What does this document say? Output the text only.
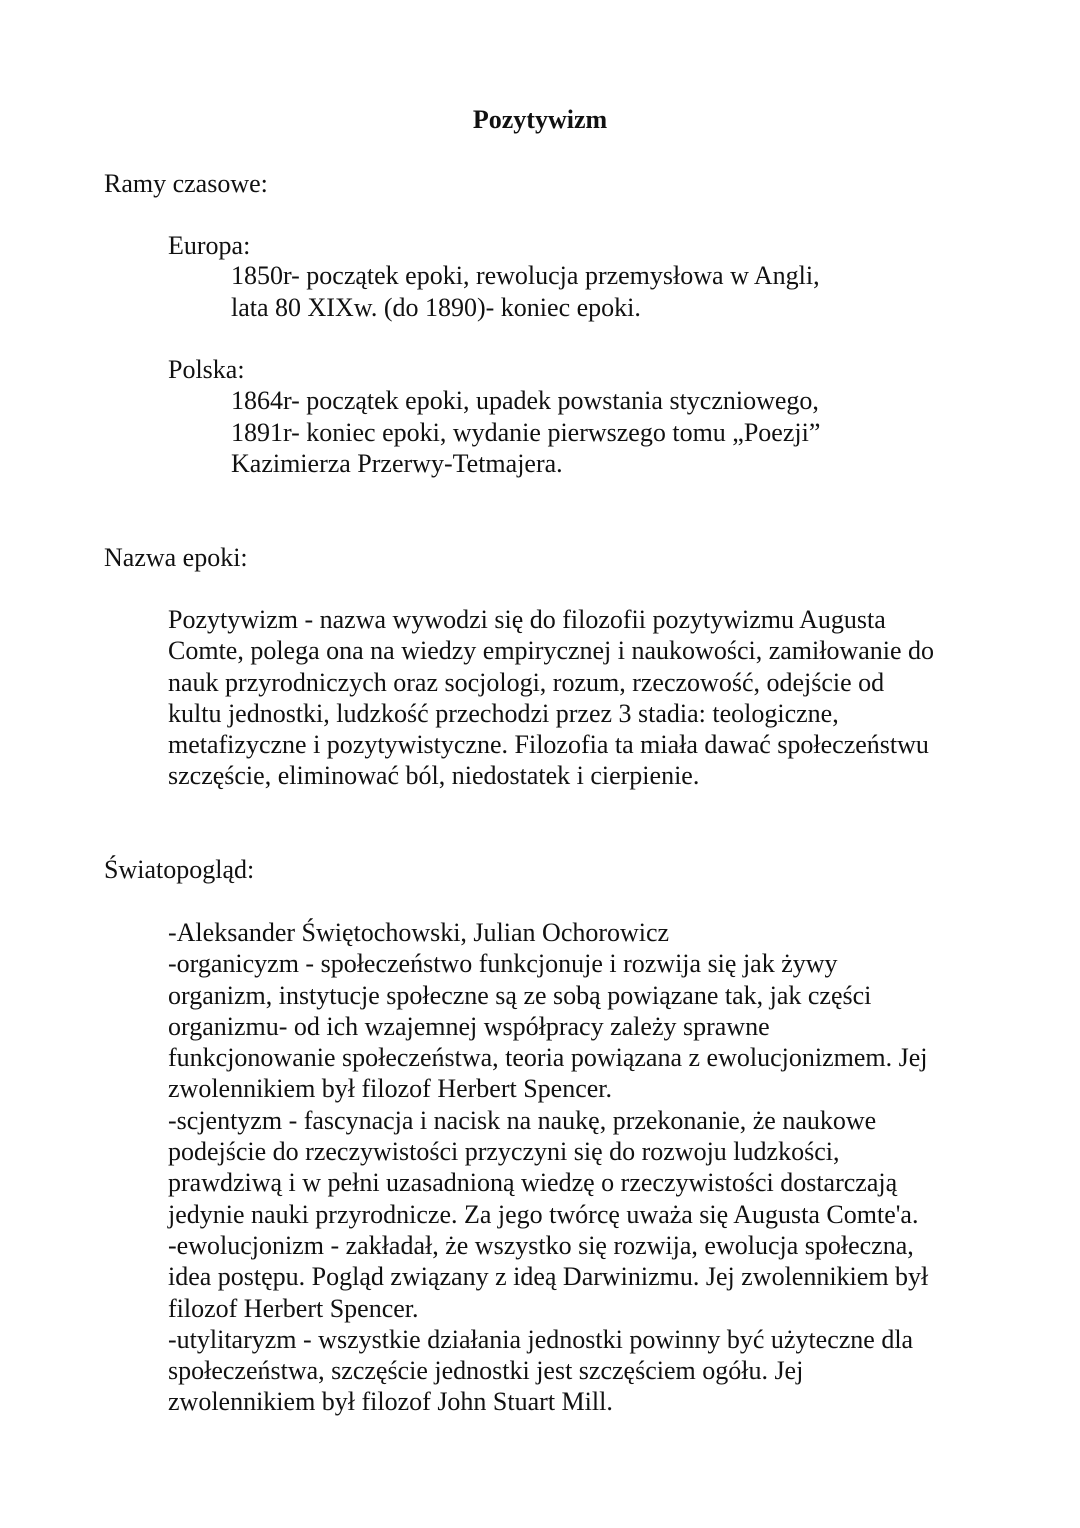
Pozytywizm
Ramy czasowe:
Europa:
1850r- początek epoki, rewolucja przemysłowa w Angli,
lata 80 XIXw. (do 1890)- koniec epoki.
Polska:
1864r- początek epoki, upadek powstania styczniowego,
1891r- koniec epoki, wydanie pierwszego tomu „Poezji”
Kazimierza Przerwy-Tetmajera.
Nazwa epoki:
Pozytywizm - nazwa wywodzi się do filozofii pozytywizmu Augusta
Comte, polega ona na wiedzy empirycznej i naukowości, zamiłowanie do
nauk przyrodniczych oraz socjologi, rozum, rzeczowość, odejście od
kultu jednostki, ludzkość przechodzi przez 3 stadia: teologiczne,
metafizyczne i pozytywistyczne. Filozofia ta miała dawać społeczeństwu
szczęście, eliminować ból, niedostatek i cierpienie.
Światopogląd:
-Aleksander Świętochowski, Julian Ochorowicz
-organicyzm - społeczeństwo funkcjonuje i rozwija się jak żywy
organizm, instytucje społeczne są ze sobą powiązane tak, jak części
organizmu- od ich wzajemnej współpracy zależy sprawne
funkcjonowanie społeczeństwa, teoria powiązana z ewolucjonizmem. Jej
zwolennikiem był filozof Herbert Spencer.
-scjentyzm - fascynacja i nacisk na naukę, przekonanie, że naukowe
podejście do rzeczywistości przyczyni się do rozwoju ludzkości,
prawdziwą i w pełni uzasadnioną wiedzę o rzeczywistości dostarczają
jedynie nauki przyrodnicze. Za jego twórcę uważa się Augusta Comte'a.
-ewolucjonizm - zakładał, że wszystko się rozwija, ewolucja społeczna,
idea postępu. Pogląd związany z ideą Darwinizmu. Jej zwolennikiem był
filozof Herbert Spencer.
-utylitaryzm - wszystkie działania jednostki powinny być użyteczne dla
społeczeństwa, szczęście jednostki jest szczęściem ogółu. Jej
zwolennikiem był filozof John Stuart Mill.
